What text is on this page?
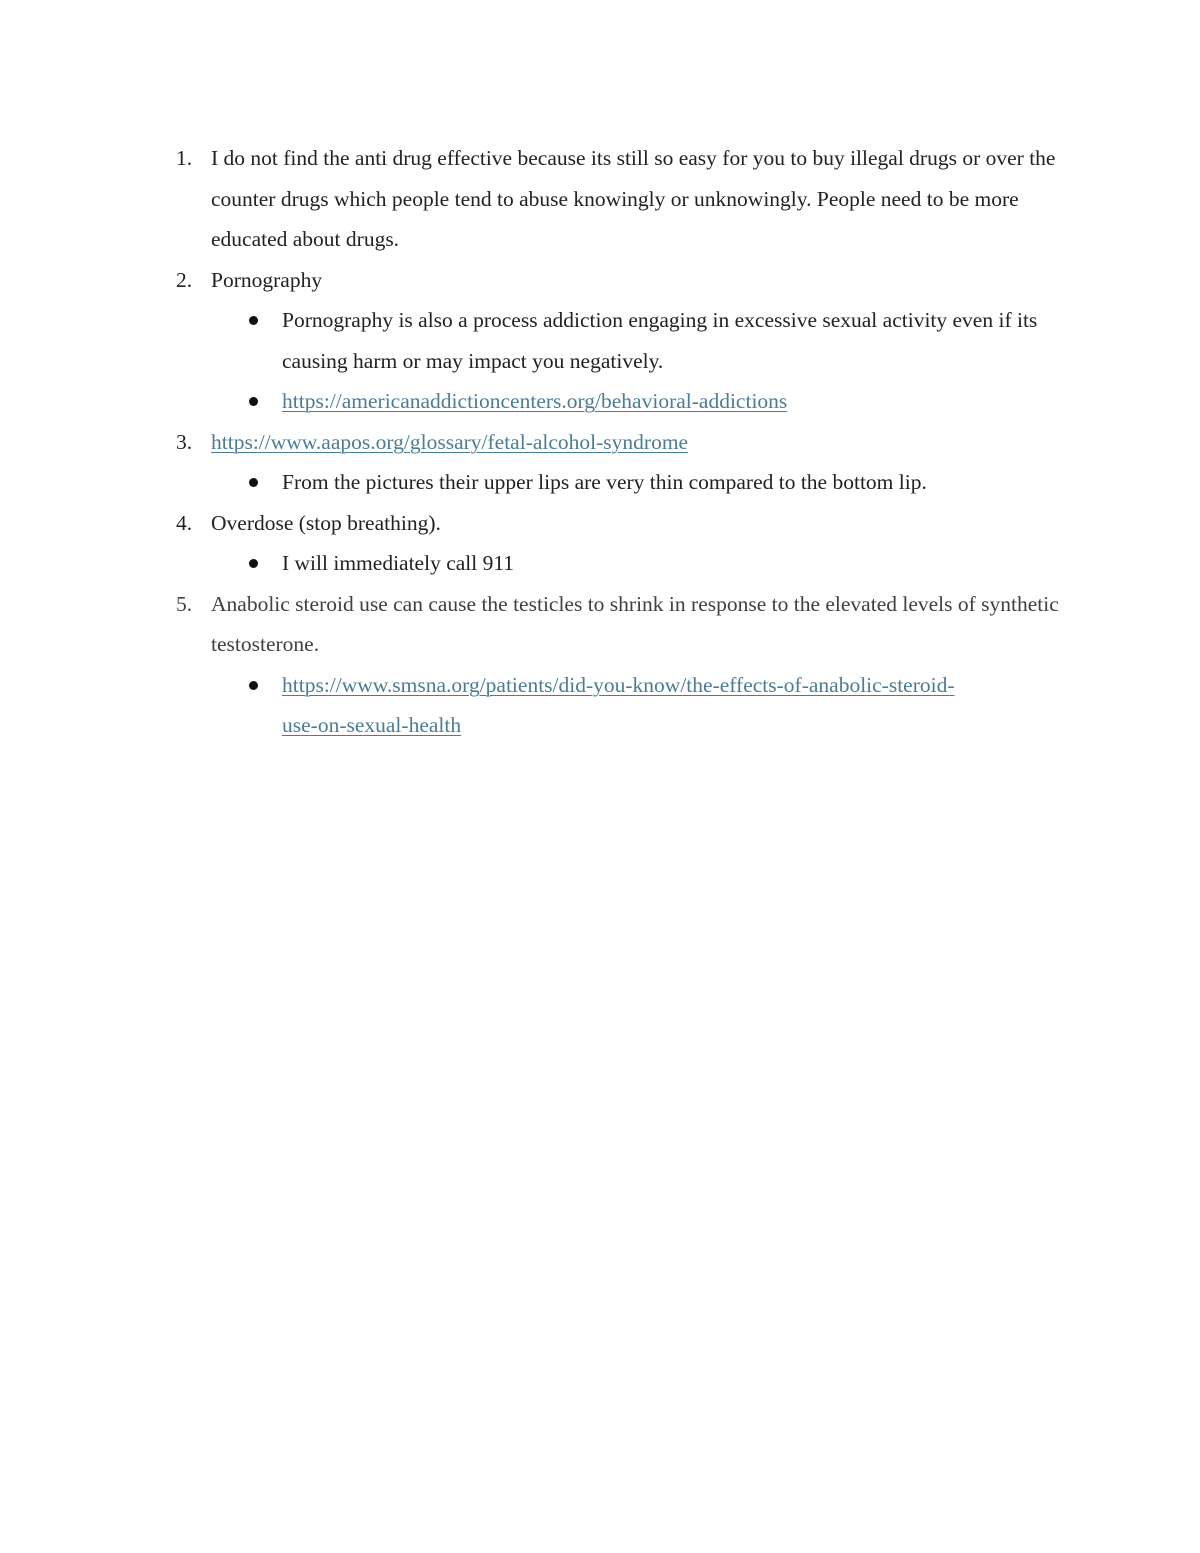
1. I do not find the anti drug effective because its still so easy for you to buy illegal drugs or over the counter drugs which people tend to abuse knowingly or unknowingly. People need to be more educated about drugs.
2. Pornography
Pornography is also a process addiction engaging in excessive sexual activity even if its causing harm or may impact you negatively.
https://americanaddictioncenters.org/behavioral-addictions
3. https://www.aapos.org/glossary/fetal-alcohol-syndrome
From the pictures their upper lips are very thin compared to the bottom lip.
4. Overdose (stop breathing).
I will immediately call 911
5. Anabolic steroid use can cause the testicles to shrink in response to the elevated levels of synthetic testosterone.
https://www.smsna.org/patients/did-you-know/the-effects-of-anabolic-steroid-
use-on-sexual-health
